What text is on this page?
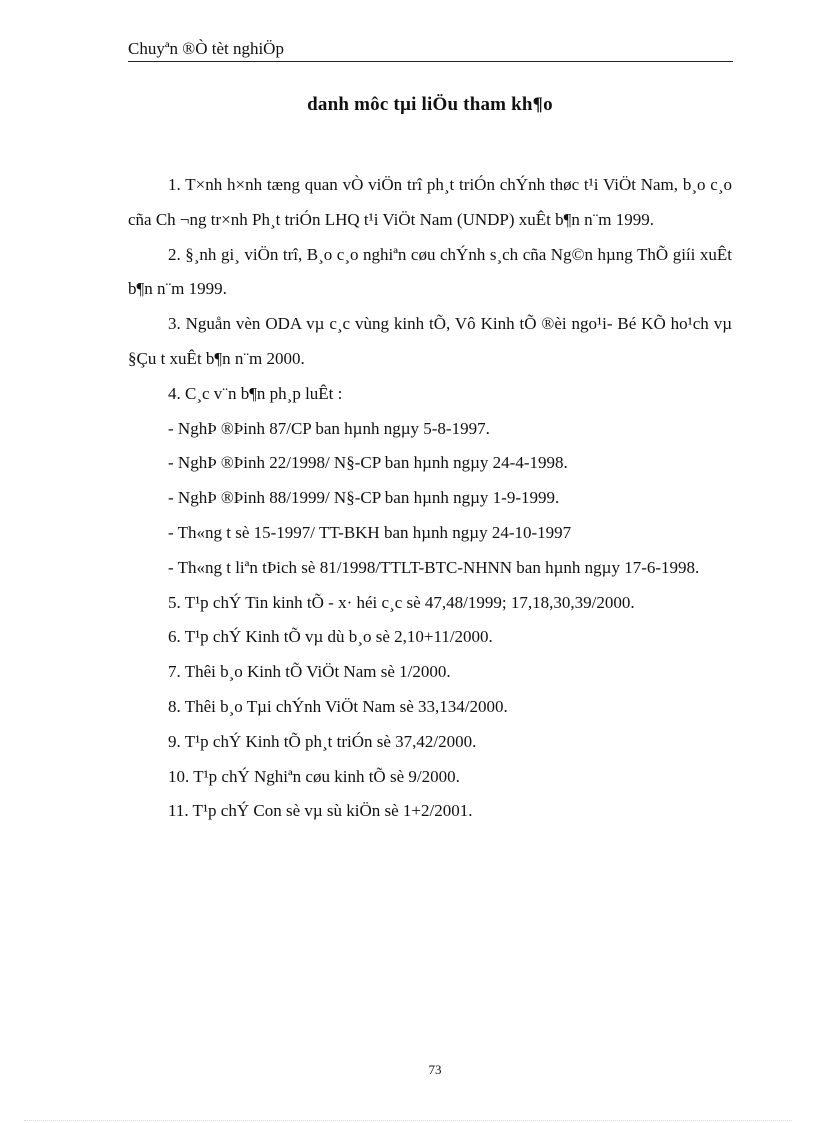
Chuyªn ®Ò tèt nghiÖp
danh môc tµi liÖu tham kh¶o

1. T×nh h×nh tæng quan vÒ viÖn trî ph¸t triÓn chÝnh thøc t¹i ViÖt Nam, b¸o c¸o cña Ch ¬ng tr×nh Ph¸t triÓn LHQ t¹i ViÖt Nam (UNDP) xuÊt b¶n n¨m 1999.

2. §¸nh gi¸ viÖn trî, B¸o c¸o nghiªn cøu chÝnh s¸ch cña Ng©n hµng ThÕ giíi xuÊt b¶n n¨m 1999.

3. Nguån vèn ODA vµ c¸c vùng kinh tÕ, Vô Kinh tÕ ®èi ngo¹i- Bé KÕ ho¹ch vµ §Çu t xuÊt b¶n n¨m 2000.

4. C¸c v¨n b¶n ph¸p luÊt :

- NghÞ ®Þinh 87/CP ban hµnh ngµy 5-8-1997.

- NghÞ ®Þinh 22/1998/ N§-CP ban hµnh ngµy 24-4-1998.

- NghÞ ®Þinh 88/1999/ N§-CP ban hµnh ngµy 1-9-1999.

- Th«ng t sè 15-1997/ TT-BKH ban hµnh ngµy 24-10-1997

- Th«ng t liªn tÞich sè 81/1998/TTLT-BTC-NHNN ban hµnh ngµy 17-6-1998.

5. T¹p chÝ Tin kinh tÕ - x· héi c¸c sè 47,48/1999; 17,18,30,39/2000.

6. T¹p chÝ Kinh tÕ vµ dù b¸o sè 2,10+11/2000.

7. Thêi b¸o Kinh tÕ ViÖt Nam sè 1/2000.

8. Thêi b¸o Tµi chÝnh ViÖt Nam sè 33,134/2000.

9. T¹p chÝ Kinh tÕ ph¸t triÓn sè 37,42/2000.

10. T¹p chÝ Nghiªn cøu kinh tÕ sè 9/2000.

11. T¹p chÝ Con sè vµ sù kiÖn sè 1+2/2001.

73
